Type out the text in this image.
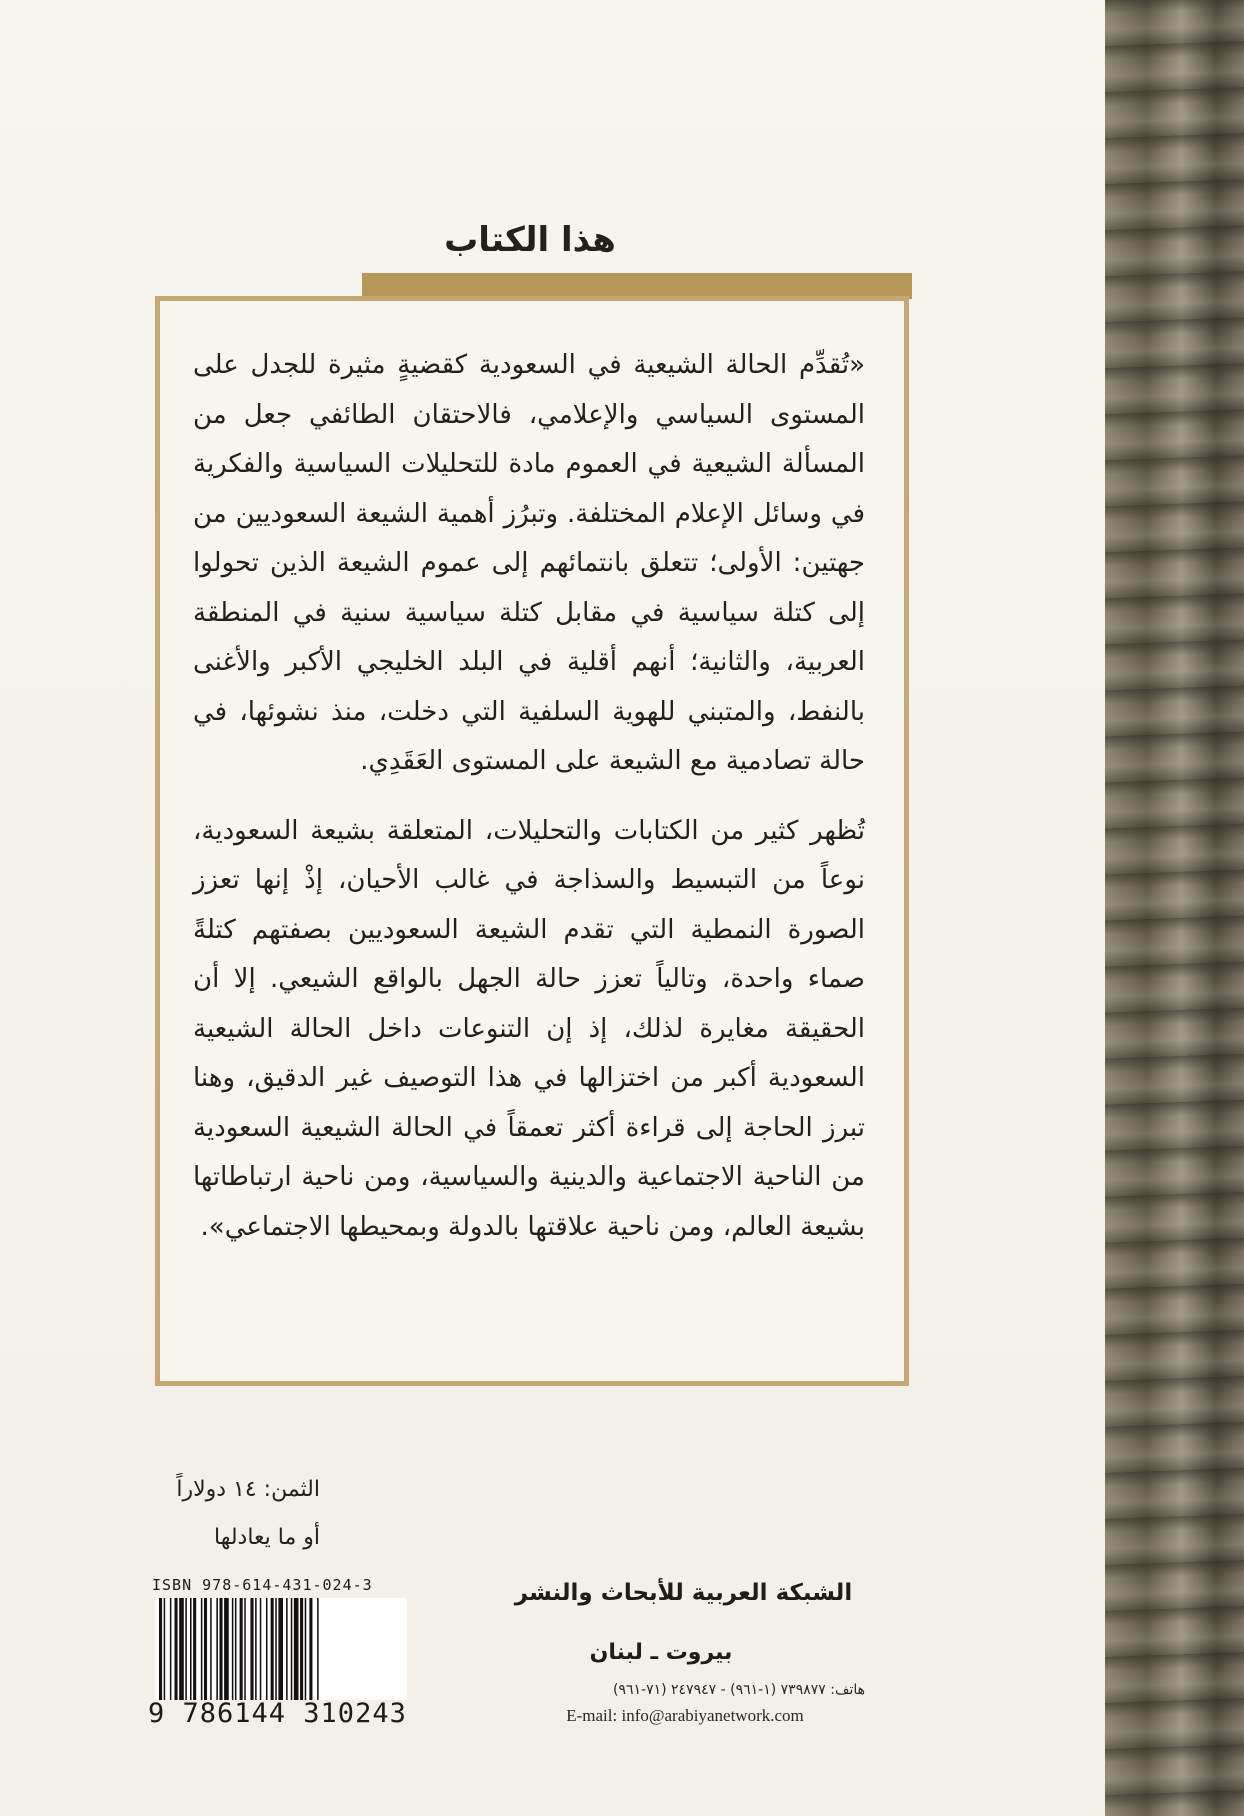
هذا الكتاب

«تُقدِّم الحالة الشيعية في السعودية كقضيةٍ مثيرة للجدل على المستوى السياسي والإعلامي، فالاحتقان الطائفي جعل من المسألة الشيعية في العموم مادة للتحليلات السياسية والفكرية في وسائل الإعلام المختلفة. وتبرُز أهمية الشيعة السعوديين من جهتين: الأولى؛ تتعلق بانتمائهم إلى عموم الشيعة الذين تحولوا إلى كتلة سياسية في مقابل كتلة سياسية سنية في المنطقة العربية، والثانية؛ أنهم أقلية في البلد الخليجي الأكبر والأغنى بالنفط، والمتبني للهوية السلفية التي دخلت، منذ نشوئها، في حالة تصادمية مع الشيعة على المستوى العَقَدِي.

تُظهر كثير من الكتابات والتحليلات، المتعلقة بشيعة السعودية، نوعاً من التبسيط والسذاجة في غالب الأحيان، إذْ إنها تعزز الصورة النمطية التي تقدم الشيعة السعوديين بصفتهم كتلةً صماء واحدة، وتالياً تعزز حالة الجهل بالواقع الشيعي. إلا أن الحقيقة مغايرة لذلك، إذ إن التنوعات داخل الحالة الشيعية السعودية أكبر من اختزالها في هذا التوصيف غير الدقيق، وهنا تبرز الحاجة إلى قراءة أكثر تعمقاً في الحالة الشيعية السعودية من الناحية الاجتماعية والدينية والسياسية، ومن ناحية ارتباطاتها بشيعة العالم، ومن ناحية علاقتها بالدولة وبمحيطها الاجتماعي».

الثمن: ١٤ دولاراً
أو ما يعادلها
ISBN 978-614-431-024-3
9 786144 310243
الشبكة العربية للأبحاث والنشر
بيروت ـ لبنان
هاتف: ٧٣٩٨٧٧ (١-٩٦١) - ٢٤٧٩٤٧ (٧١-٩٦١)
E-mail: info@arabiyanetwork.com
